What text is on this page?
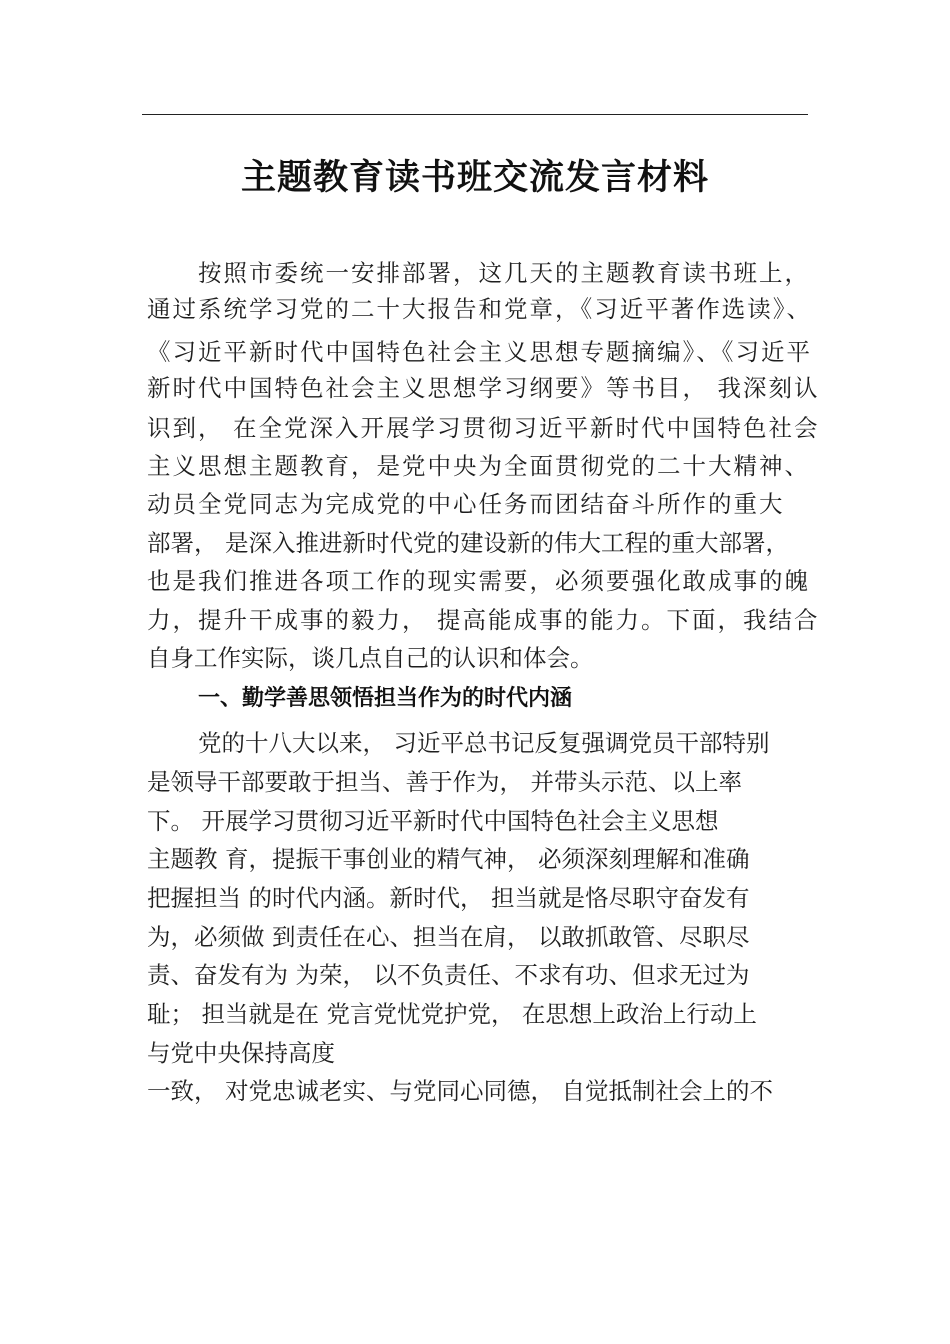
主题教育读书班交流发言材料
按照市委统一安排部署，这几天的主题教育读书班上，
通过系统学习党的二十大报告和党章，《习近平著作选读》、
《习近平新时代中国特色社会主义思想专题摘编》、《习近平
新时代中国特色社会主义思想学习纲要》等书目， 我深刻认
识到， 在全党深入开展学习贯彻习近平新时代中国特色社会
主义思想主题教育，是党中央为全面贯彻党的二十大精神、
动员全党同志为完成党的中心任务而团结奋斗所作的重大
部署， 是深入推进新时代党的建设新的伟大工程的重大部署，
也是我们推进各项工作的现实需要，必须要强化敢成事的魄
力，提升干成事的毅力， 提高能成事的能力。下面，我结合
自身工作实际，谈几点自己的认识和体会。
一、勤学善思领悟担当作为的时代内涵
党的十八大以来， 习近平总书记反复强调党员干部特别
是领导干部要敢于担当、善于作为， 并带头示范、以上率
下。 开展学习贯彻习近平新时代中国特色社会主义思想
主题教 育，提振干事创业的精气神， 必须深刻理解和准确
把握担当 的时代内涵。新时代， 担当就是恪尽职守奋发有
为，必须做 到责任在心、担当在肩， 以敢抓敢管、尽职尽
责、奋发有为 为荣， 以不负责任、不求有功、但求无过为
耻； 担当就是在 党言党忧党护党， 在思想上政治上行动上
与党中央保持高度
一致， 对党忠诚老实、与党同心同德， 自觉抵制社会上的不
